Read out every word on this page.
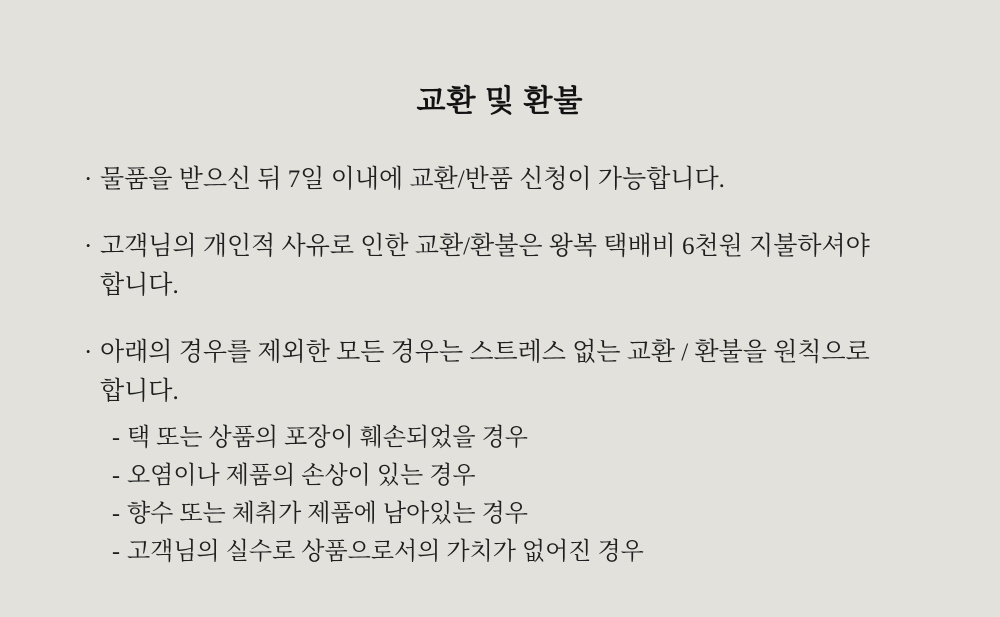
교환 및 환불
· 물품을 받으신 뒤 7일 이내에 교환/반품 신청이 가능합니다.
· 고객님의 개인적 사유로 인한 교환/환불은 왕복 택배비 6천원 지불하셔야
합니다.
· 아래의 경우를 제외한 모든 경우는 스트레스 없는 교환 / 환불을 원칙으로
합니다.
- 택 또는 상품의 포장이 훼손되었을 경우
- 오염이나 제품의 손상이 있는 경우
- 향수 또는 체취가 제품에 남아있는 경우
- 고객님의 실수로 상품으로서의 가치가 없어진 경우
